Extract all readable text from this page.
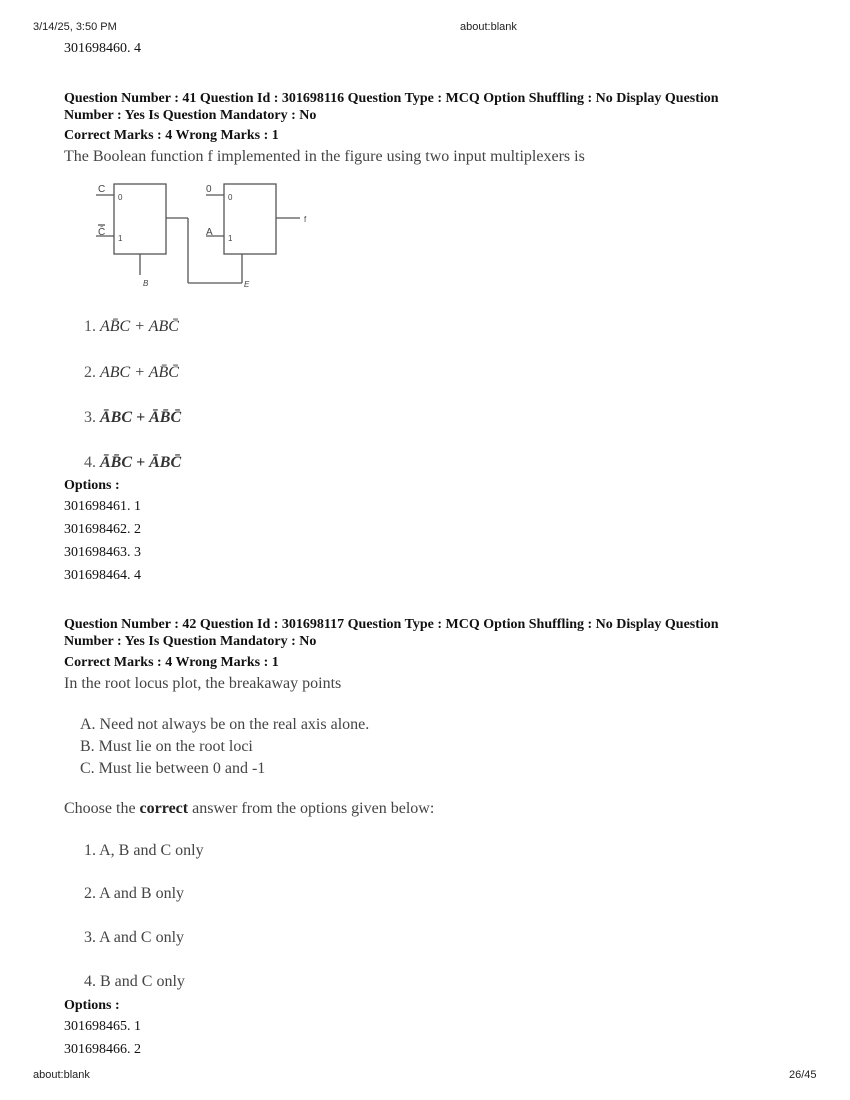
3/14/25, 3:50 PM	about:blank
301698460. 4
Question Number : 41 Question Id : 301698116 Question Type : MCQ Option Shuffling : No Display Question
Number : Yes Is Question Mandatory : No
Correct Marks : 4 Wrong Marks : 1
The Boolean function f implemented in the figure using two input multiplexers is
C
C̄
0
1
B
0
A
0
1
E
f
1. AB̄C + ABC̄
2. ABC + AB̄C̄
3. ĀBC + ĀB̄C̄
4. ĀB̄C + ĀBC̄
Options :
301698461. 1
301698462. 2
301698463. 3
301698464. 4
Question Number : 42 Question Id : 301698117 Question Type : MCQ Option Shuffling : No Display Question
Number : Yes Is Question Mandatory : No
Correct Marks : 4 Wrong Marks : 1
In the root locus plot, the breakaway points
A. Need not always be on the real axis alone.
B. Must lie on the root loci
C. Must lie between 0 and -1
Choose the correct answer from the options given below:
1. A, B and C only
2. A and B only
3. A and C only
4. B and C only
Options :
301698465. 1
301698466. 2
about:blank	26/45
